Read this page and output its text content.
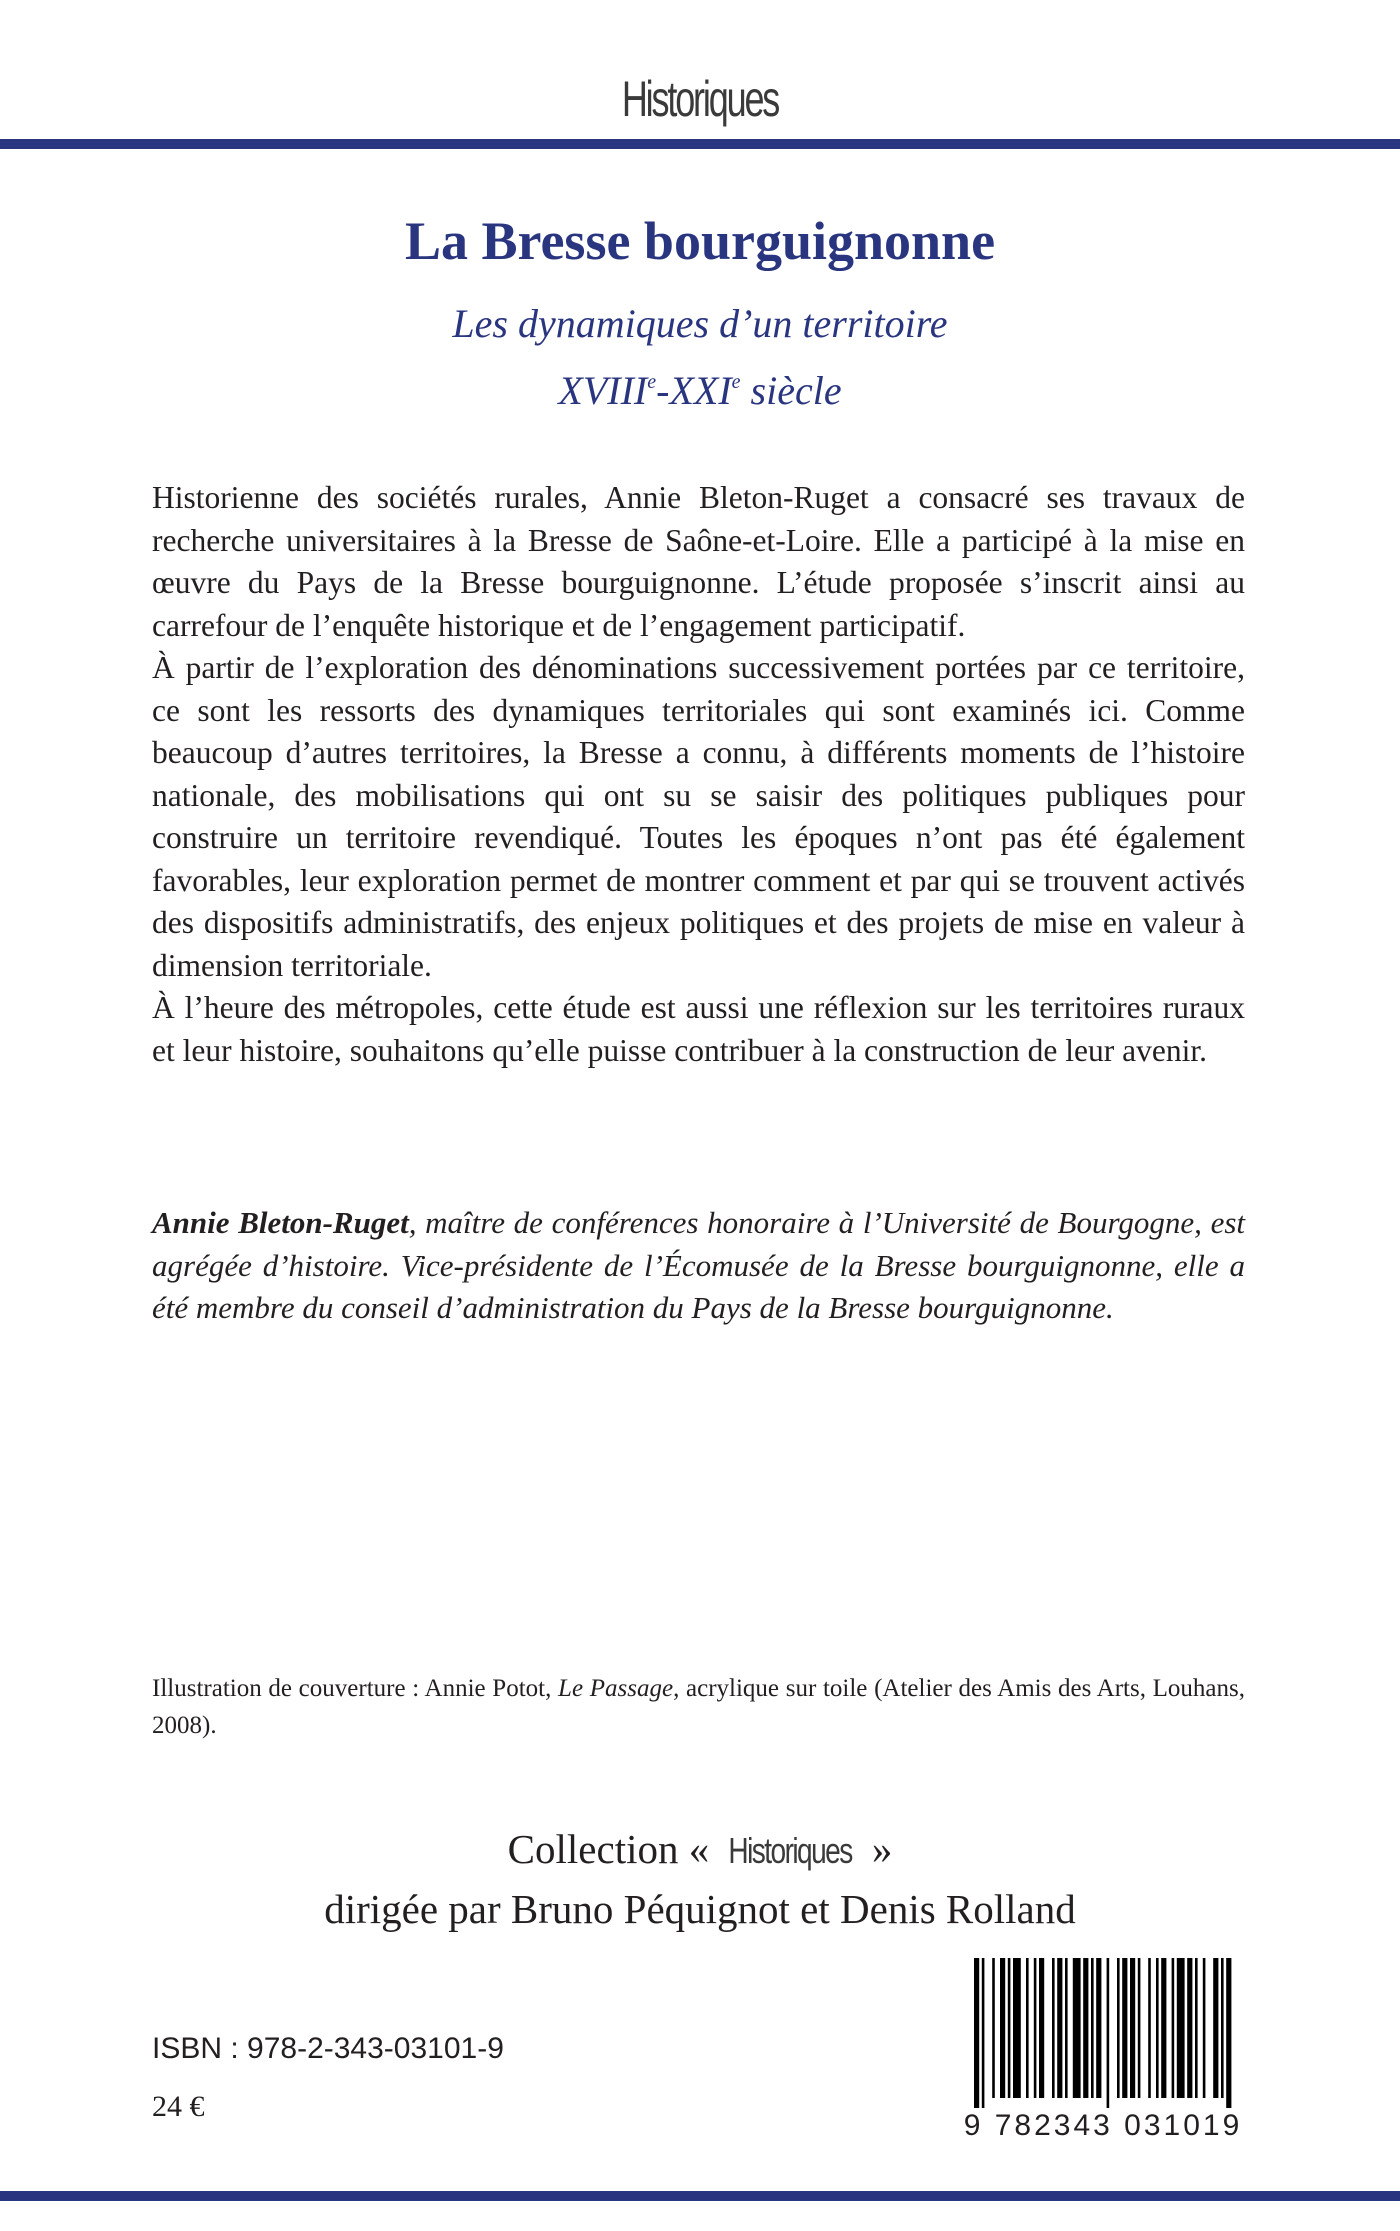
Historiques
La Bresse bourguignonne

Les dynamiques d’un territoire

XVIIIe-XXIe siècle

Historienne des sociétés rurales, Annie Bleton-Ruget a consacré ses travaux de recherche universitaires à la Bresse de Saône-et-Loire. Elle a participé à la mise en œuvre du Pays de la Bresse bourguignonne. L’étude proposée s’inscrit ainsi au carrefour de l’enquête historique et de l’engagement participatif.

À partir de l’exploration des dénominations successivement portées par ce territoire, ce sont les ressorts des dynamiques territoriales qui sont examinés ici. Comme beaucoup d’autres territoires, la Bresse a connu, à différents moments de l’histoire nationale, des mobilisations qui ont su se saisir des politiques publiques pour construire un territoire revendiqué. Toutes les époques n’ont pas été également favorables, leur exploration permet de montrer comment et par qui se trouvent activés des dispositifs administratifs, des enjeux politiques et des projets de mise en valeur à dimension territoriale.

À l’heure des métropoles, cette étude est aussi une réflexion sur les territoires ruraux et leur histoire, souhaitons qu’elle puisse contribuer à la construction de leur avenir.

Annie Bleton-Ruget, maître de conférences honoraire à l’Université de Bourgogne, est agrégée d’histoire. Vice-présidente de l’Écomusée de la Bresse bourguignonne, elle a été membre du conseil d’administration du Pays de la Bresse bourguignonne.

Illustration de couverture : Annie Potot, Le Passage, acrylique sur toile (Atelier des Amis des Arts, Louhans, 2008).

Collection « Historiques »
dirigée par Bruno Péquignot et Denis Rolland

ISBN : 978-2-343-03101-9

24 €

9 782343 031019
